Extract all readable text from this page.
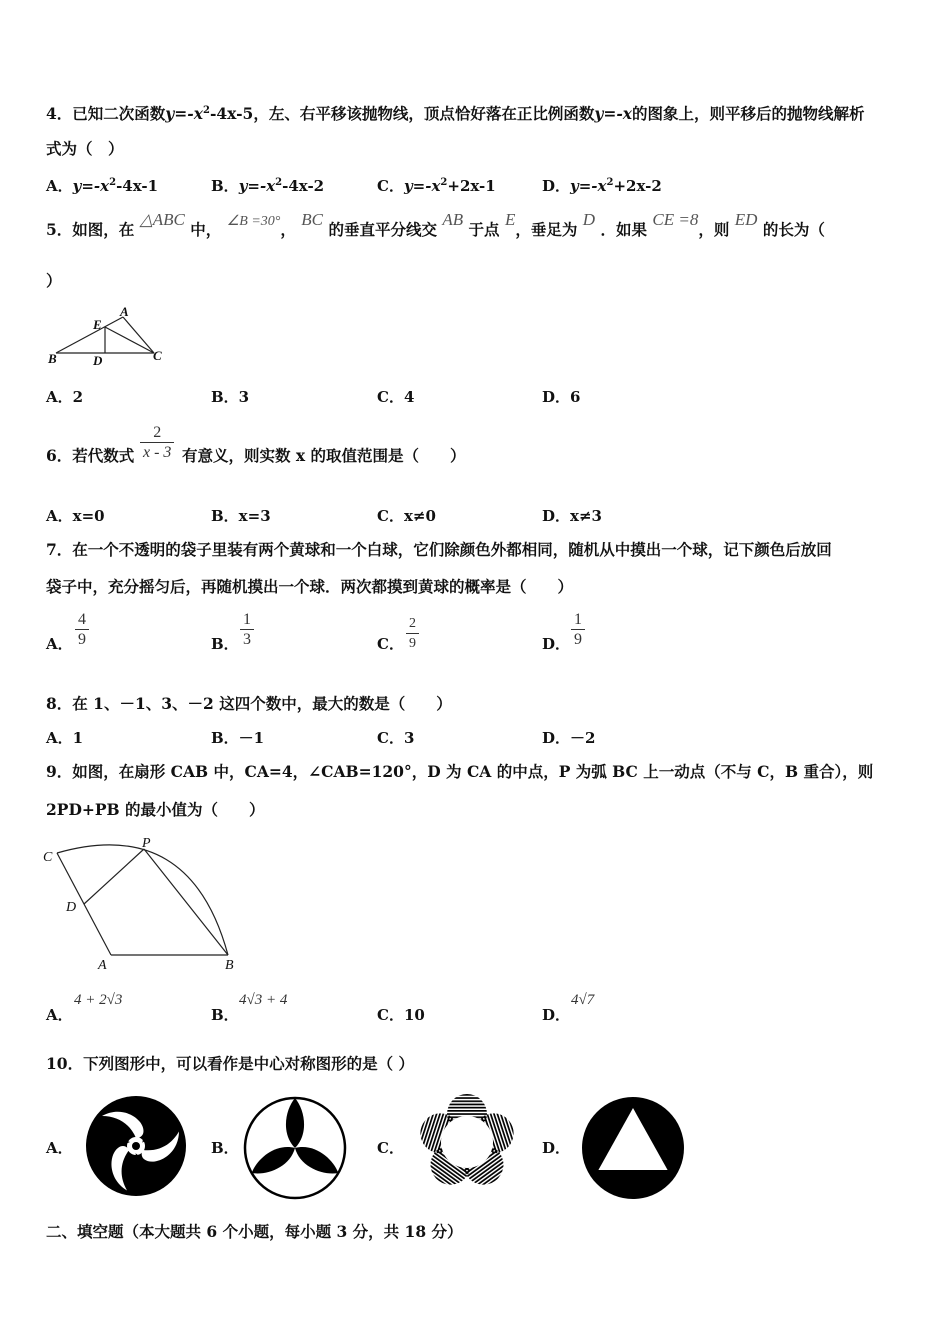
4．已知二次函数$y=-x^2-4x-5$，左、右平移该抛物线，顶点恰好落在正比例函数y=-x的图象上，则平移后的抛物线解析
式为（　）
A．$y=-x^2-4x-1$	B．$y=-x^2-4x-2$	C．$y=-x^2+2x-1$	D．$y=-x^2+2x-2$
5．如图，在 △ABC 中， ∠B =30°， BC 的垂直平分线交 AB 于点 E，垂足为 D ．如果 CE =8，则 ED 的长为（
）
A
B	C
D
E
A．2	B．3	C．4	D．6
6．若代数式
2
x - 3 有意义，则实数 x 的取值范围是（　　）
A．x=0	B．x=3	C．x≠0	D．x≠3
7．在一个不透明的袋子里装有两个黄球和一个白球，它们除颜色外都相同，随机从中摸出一个球，记下颜色后放回
袋子中，充分摇匀后，再随机摸出一个球．两次都摸到黄球的概率是（　　）
A．
4
9	B．
1
3	C．
2
9	D．
1
9
8．在 1、－1、3、－2 这四个数中，最大的数是（　　）
A．1	B．－1	C．3	D．－2
9．如图，在扇形 CAB 中，CA=4，∠CAB=120°，D 为 CA 的中点，P 为弧 BC 上一动点（不与 C，B 重合），则
2PD+PB 的最小值为（　　）
C
P
D
A	B
A．
4 + 2√3
B．
4√3 + 4
C．10	D．
4√7
10．下列图形中，可以看作是中心对称图形的是（ ）
A．	B．	C．	D．
二、填空题（本大题共 6 个小题，每小题 3 分，共 18 分）
